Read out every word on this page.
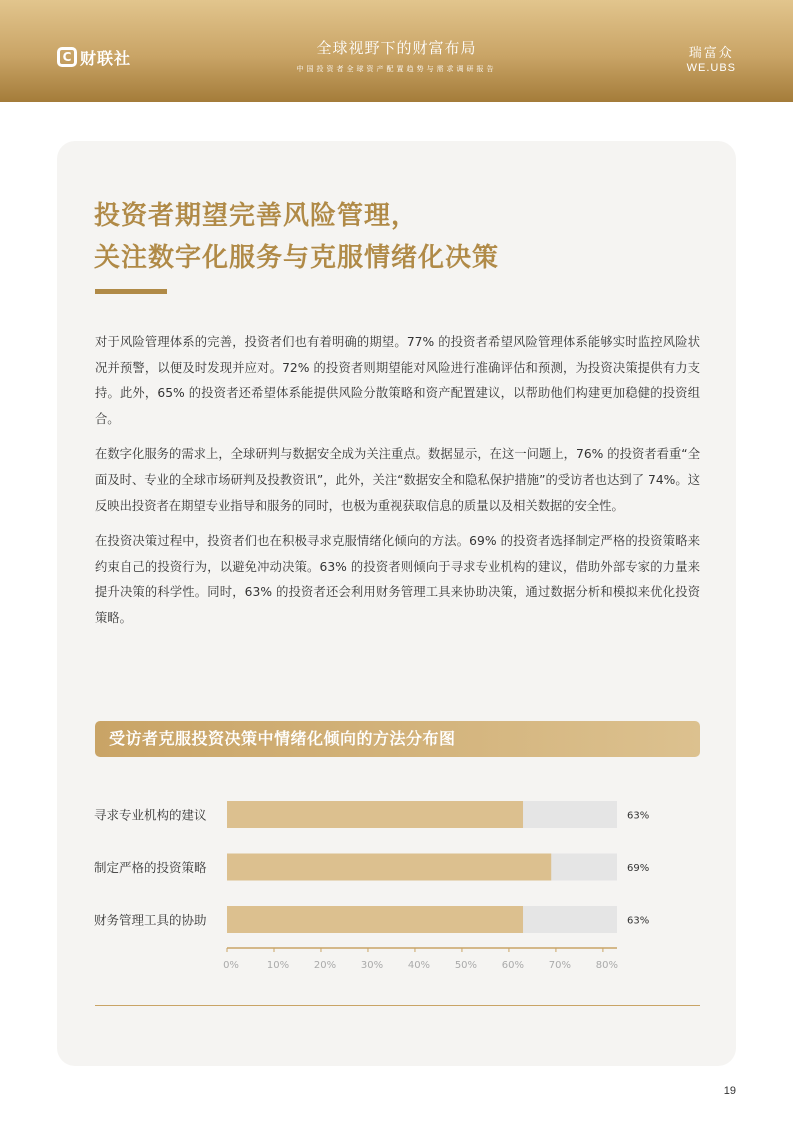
C 财联社
全球视野下的财富布局
中国投资者全球资产配置趋势与需求调研报告
瑞富众
WE.UBS
投资者期望完善风险管理，
关注数字化服务与克服情绪化决策

对于风险管理体系的完善，投资者们也有着明确的期望。77% 的投资者希望风险管理体系能够实时监控风险状况并预警，以便及时发现并应对。72% 的投资者则期望能对风险进行准确评估和预测，为投资决策提供有力支持。此外，65% 的投资者还希望体系能提供风险分散策略和资产配置建议，以帮助他们构建更加稳健的投资组合。

在数字化服务的需求上，全球研判与数据安全成为关注重点。数据显示，在这一问题上，76% 的投资者看重“全面及时、专业的全球市场研判及投教资讯”，此外，关注“数据安全和隐私保护措施”的受访者也达到了 74%。这反映出投资者在期望专业指导和服务的同时，也极为重视获取信息的质量以及相关数据的安全性。

在投资决策过程中，投资者们也在积极寻求克服情绪化倾向的方法。69% 的投资者选择制定严格的投资策略来约束自己的投资行为，以避免冲动决策。63% 的投资者则倾向于寻求专业机构的建议，借助外部专家的力量来提升决策的科学性。同时，63% 的投资者还会利用财务管理工具来协助决策，通过数据分析和模拟来优化投资策略。

受访者克服投资决策中情绪化倾向的方法分布图
寻求专业机构的建议	63%
制定严格的投资策略	69%
财务管理工具的协助	63%
0%	10% 20% 30% 40% 50% 60% 70% 80%
19
